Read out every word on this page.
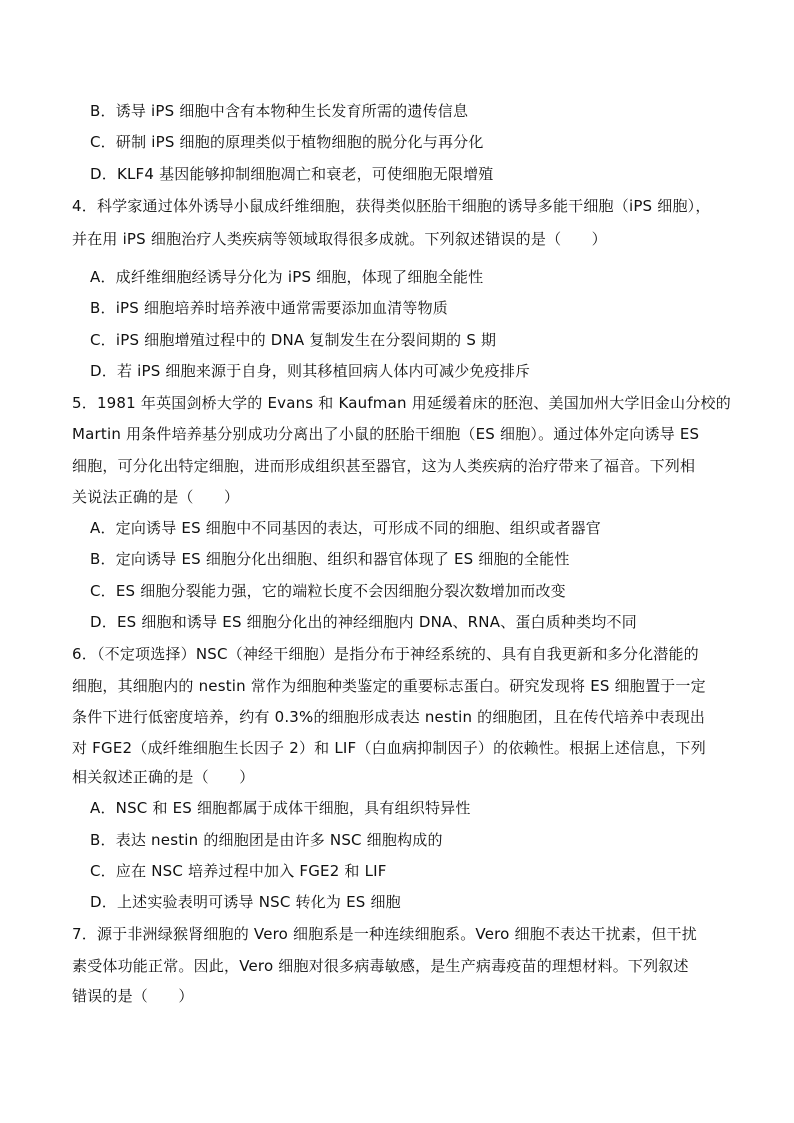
B．诱导 iPS 细胞中含有本物种生长发育所需的遗传信息
C．研制 iPS 细胞的原理类似于植物细胞的脱分化与再分化
D．KLF4 基因能够抑制细胞凋亡和衰老，可使细胞无限增殖
4．科学家通过体外诱导小鼠成纤维细胞，获得类似胚胎干细胞的诱导多能干细胞（iPS 细胞），
并在用 iPS 细胞治疗人类疾病等领域取得很多成就。下列叙述错误的是（　　）
A．成纤维细胞经诱导分化为 iPS 细胞，体现了细胞全能性
B．iPS 细胞培养时培养液中通常需要添加血清等物质
C．iPS 细胞增殖过程中的 DNA 复制发生在分裂间期的 S 期
D．若 iPS 细胞来源于自身，则其移植回病人体内可减少免疫排斥
5．1981 年英国剑桥大学的 Evans 和 Kaufman 用延缓着床的胚泡、美国加州大学旧金山分校的
Martin 用条件培养基分别成功分离出了小鼠的胚胎干细胞（ES 细胞）。通过体外定向诱导 ES
细胞，可分化出特定细胞，进而形成组织甚至器官，这为人类疾病的治疗带来了福音。下列相
关说法正确的是（　　）
A．定向诱导 ES 细胞中不同基因的表达，可形成不同的细胞、组织或者器官
B．定向诱导 ES 细胞分化出细胞、组织和器官体现了 ES 细胞的全能性
C．ES 细胞分裂能力强，它的端粒长度不会因细胞分裂次数增加而改变
D．ES 细胞和诱导 ES 细胞分化出的神经细胞内 DNA、RNA、蛋白质种类均不同
6．（不定项选择）NSC（神经干细胞）是指分布于神经系统的、具有自我更新和多分化潜能的
细胞，其细胞内的 nestin 常作为细胞种类鉴定的重要标志蛋白。研究发现将 ES 细胞置于一定
条件下进行低密度培养，约有 0.3%的细胞形成表达 nestin 的细胞团，且在传代培养中表现出
对 FGE2（成纤维细胞生长因子 2）和 LIF（白血病抑制因子）的依赖性。根据上述信息，下列
相关叙述正确的是（　　）
A．NSC 和 ES 细胞都属于成体干细胞，具有组织特异性
B．表达 nestin 的细胞团是由许多 NSC 细胞构成的
C．应在 NSC 培养过程中加入 FGE2 和 LIF
D．上述实验表明可诱导 NSC 转化为 ES 细胞
7．源于非洲绿猴肾细胞的 Vero 细胞系是一种连续细胞系。Vero 细胞不表达干扰素，但干扰
素受体功能正常。因此，Vero 细胞对很多病毒敏感，是生产病毒疫苗的理想材料。下列叙述
错误的是（　　）
